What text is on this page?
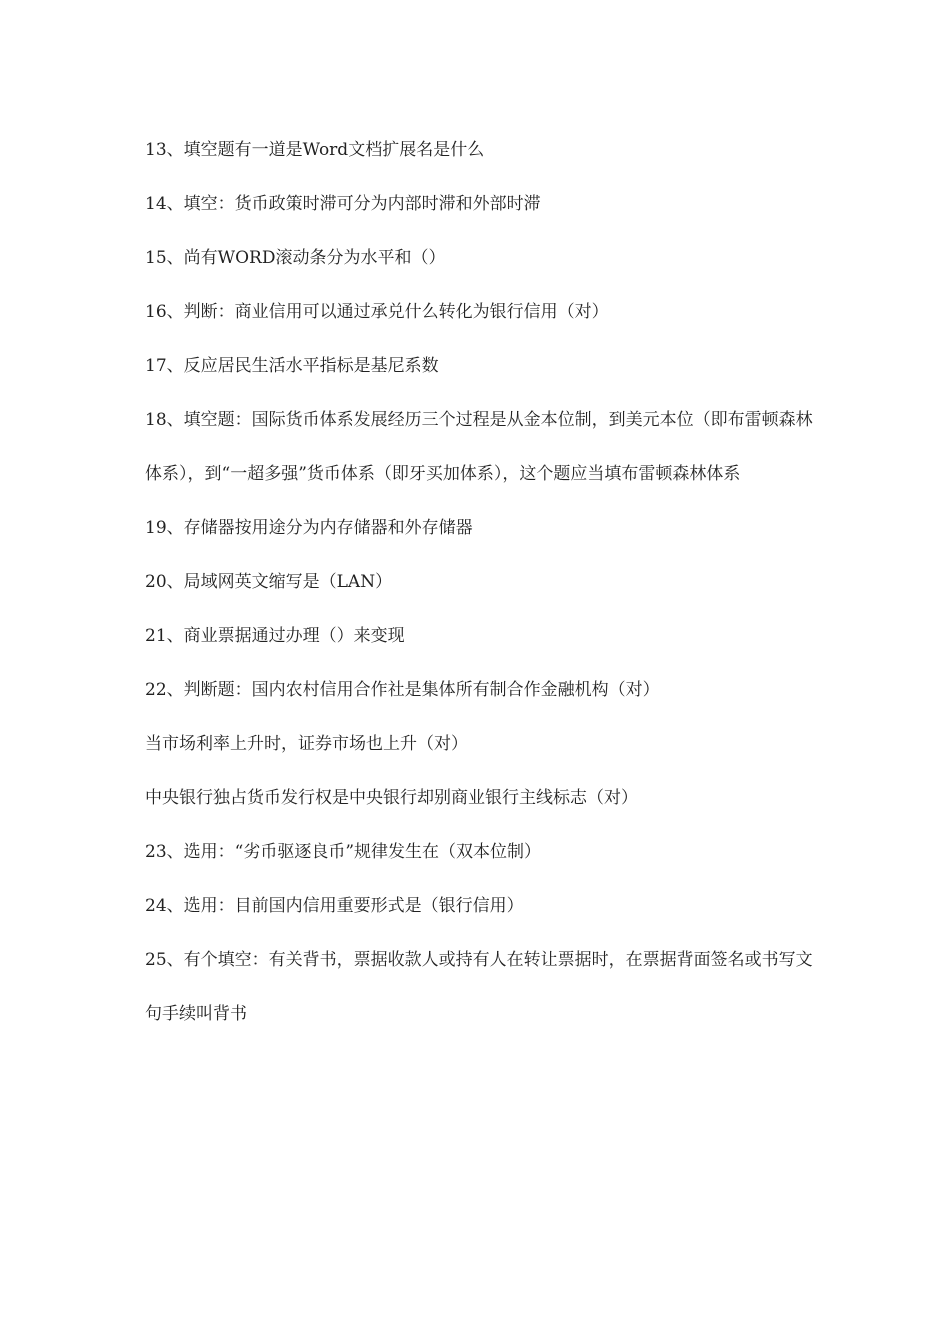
13、填空题有一道是Word文档扩展名是什么

14、填空：货币政策时滞可分为内部时滞和外部时滞

15、尚有WORD滚动条分为水平和（）

16、判断：商业信用可以通过承兑什么转化为银行信用（对）

17、反应居民生活水平指标是基尼系数

18、填空题：国际货币体系发展经历三个过程是从金本位制，到美元本位（即布雷顿森林体系），到“一超多强”货币体系（即牙买加体系），这个题应当填布雷顿森林体系

19、存储器按用途分为内存储器和外存储器

20、局域网英文缩写是（LAN）

21、商业票据通过办理（）来变现

22、判断题：国内农村信用合作社是集体所有制合作金融机构（对）

当市场利率上升时，证券市场也上升（对）

中央银行独占货币发行权是中央银行却别商业银行主线标志（对）

23、选用：“劣币驱逐良币”规律发生在（双本位制）

24、选用：目前国内信用重要形式是（银行信用）

25、有个填空：有关背书，票据收款人或持有人在转让票据时，在票据背面签名或书写文句手续叫背书
